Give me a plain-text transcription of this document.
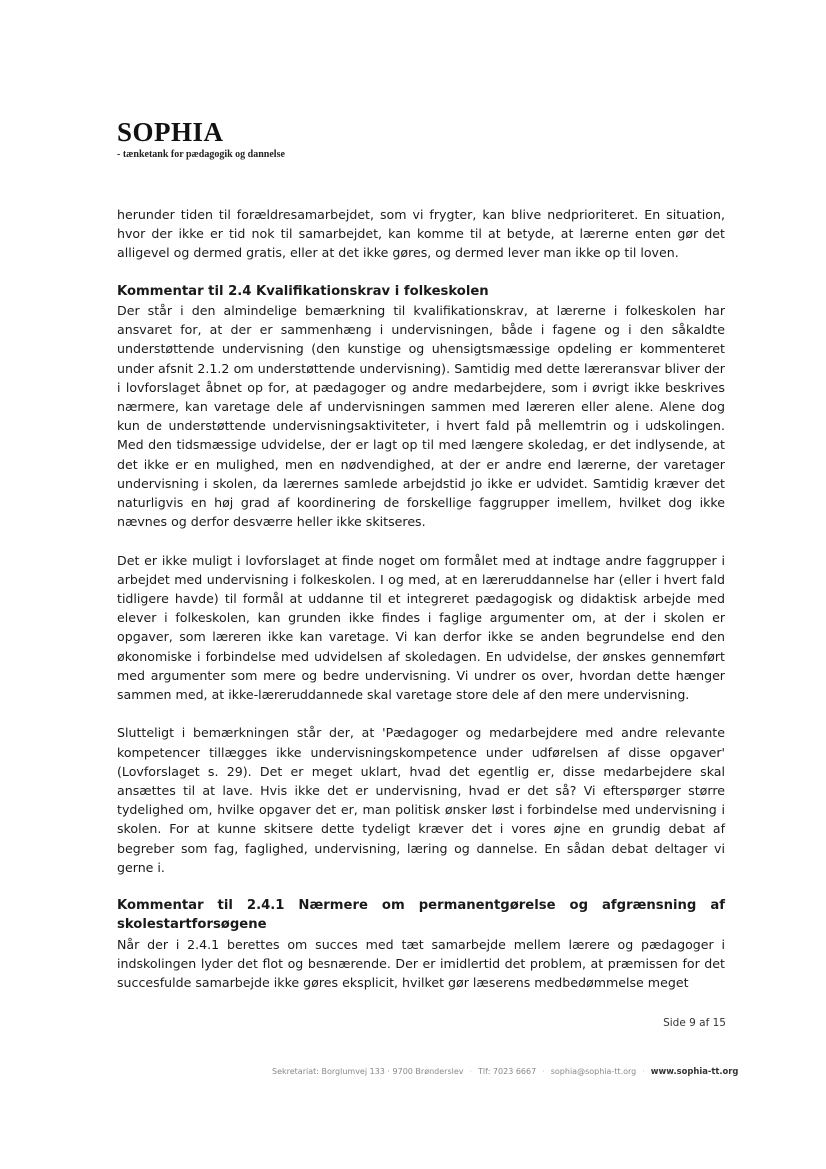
SOPHIA
- tænketank for pædagogik og dannelse

herunder tiden til forældresamarbejdet, som vi frygter, kan blive nedprioriteret. En situation, hvor der ikke er tid nok til samarbejdet, kan komme til at betyde, at lærerne enten gør det alligevel og dermed gratis, eller at det ikke gøres, og dermed lever man ikke op til loven.

Kommentar til 2.4 Kvalifikationskrav i folkeskolen

Der står i den almindelige bemærkning til kvalifikationskrav, at lærerne i folkeskolen har ansvaret for, at der er sammenhæng i undervisningen, både i fagene og i den såkaldte understøttende undervisning (den kunstige og uhensigtsmæssige opdeling er kommenteret under afsnit 2.1.2 om understøttende undervisning). Samtidig med dette læreransvar bliver der i lovforslaget åbnet op for, at pædagoger og andre medarbejdere, som i øvrigt ikke beskrives nærmere, kan varetage dele af undervisningen sammen med læreren eller alene. Alene dog kun de understøttende undervisningsaktiviteter, i hvert fald på mellemtrin og i udskolingen. Med den tidsmæssige udvidelse, der er lagt op til med længere skoledag, er det indlysende, at det ikke er en mulighed, men en nødvendighed, at der er andre end lærerne, der varetager undervisning i skolen, da lærernes samlede arbejdstid jo ikke er udvidet. Samtidig kræver det naturligvis en høj grad af koordinering de forskellige faggrupper imellem, hvilket dog ikke nævnes og derfor desværre heller ikke skitseres.

Det er ikke muligt i lovforslaget at finde noget om formålet med at indtage andre faggrupper i arbejdet med undervisning i folkeskolen. I og med, at en læreruddannelse har (eller i hvert fald tidligere havde) til formål at uddanne til et integreret pædagogisk og didaktisk arbejde med elever i folkeskolen, kan grunden ikke findes i faglige argumenter om, at der i skolen er opgaver, som læreren ikke kan varetage. Vi kan derfor ikke se anden begrundelse end den økonomiske i forbindelse med udvidelsen af skoledagen. En udvidelse, der ønskes gennemført med argumenter som mere og bedre undervisning. Vi undrer os over, hvordan dette hænger sammen med, at ikke-læreruddannede skal varetage store dele af den mere undervisning.

Slutteligt i bemærkningen står der, at 'Pædagoger og medarbejdere med andre relevante kompetencer tillægges ikke undervisningskompetence under udførelsen af disse opgaver' (Lovforslaget s. 29). Det er meget uklart, hvad det egentlig er, disse medarbejdere skal ansættes til at lave. Hvis ikke det er undervisning, hvad er det så? Vi efterspørger større tydelighed om, hvilke opgaver det er, man politisk ønsker løst i forbindelse med undervisning i skolen. For at kunne skitsere dette tydeligt kræver det i vores øjne en grundig debat af begreber som fag, faglighed, undervisning, læring og dannelse. En sådan debat deltager vi gerne i.

Kommentar til 2.4.1 Nærmere om permanentgørelse og afgrænsning af skolestartforsøgene

Når der i 2.4.1 berettes om succes med tæt samarbejde mellem lærere og pædagoger i indskolingen lyder det flot og besnærende. Der er imidlertid det problem, at præmissen for det succesfulde samarbejde ikke gøres eksplicit, hvilket gør læserens medbedømmelse meget

Side 9 af 15
Sekretariat: Borglumvej 133 · 9700 Brønderslev · Tlf: 7023 6667 · sophia@sophia-tt.org · www.sophia-tt.org
